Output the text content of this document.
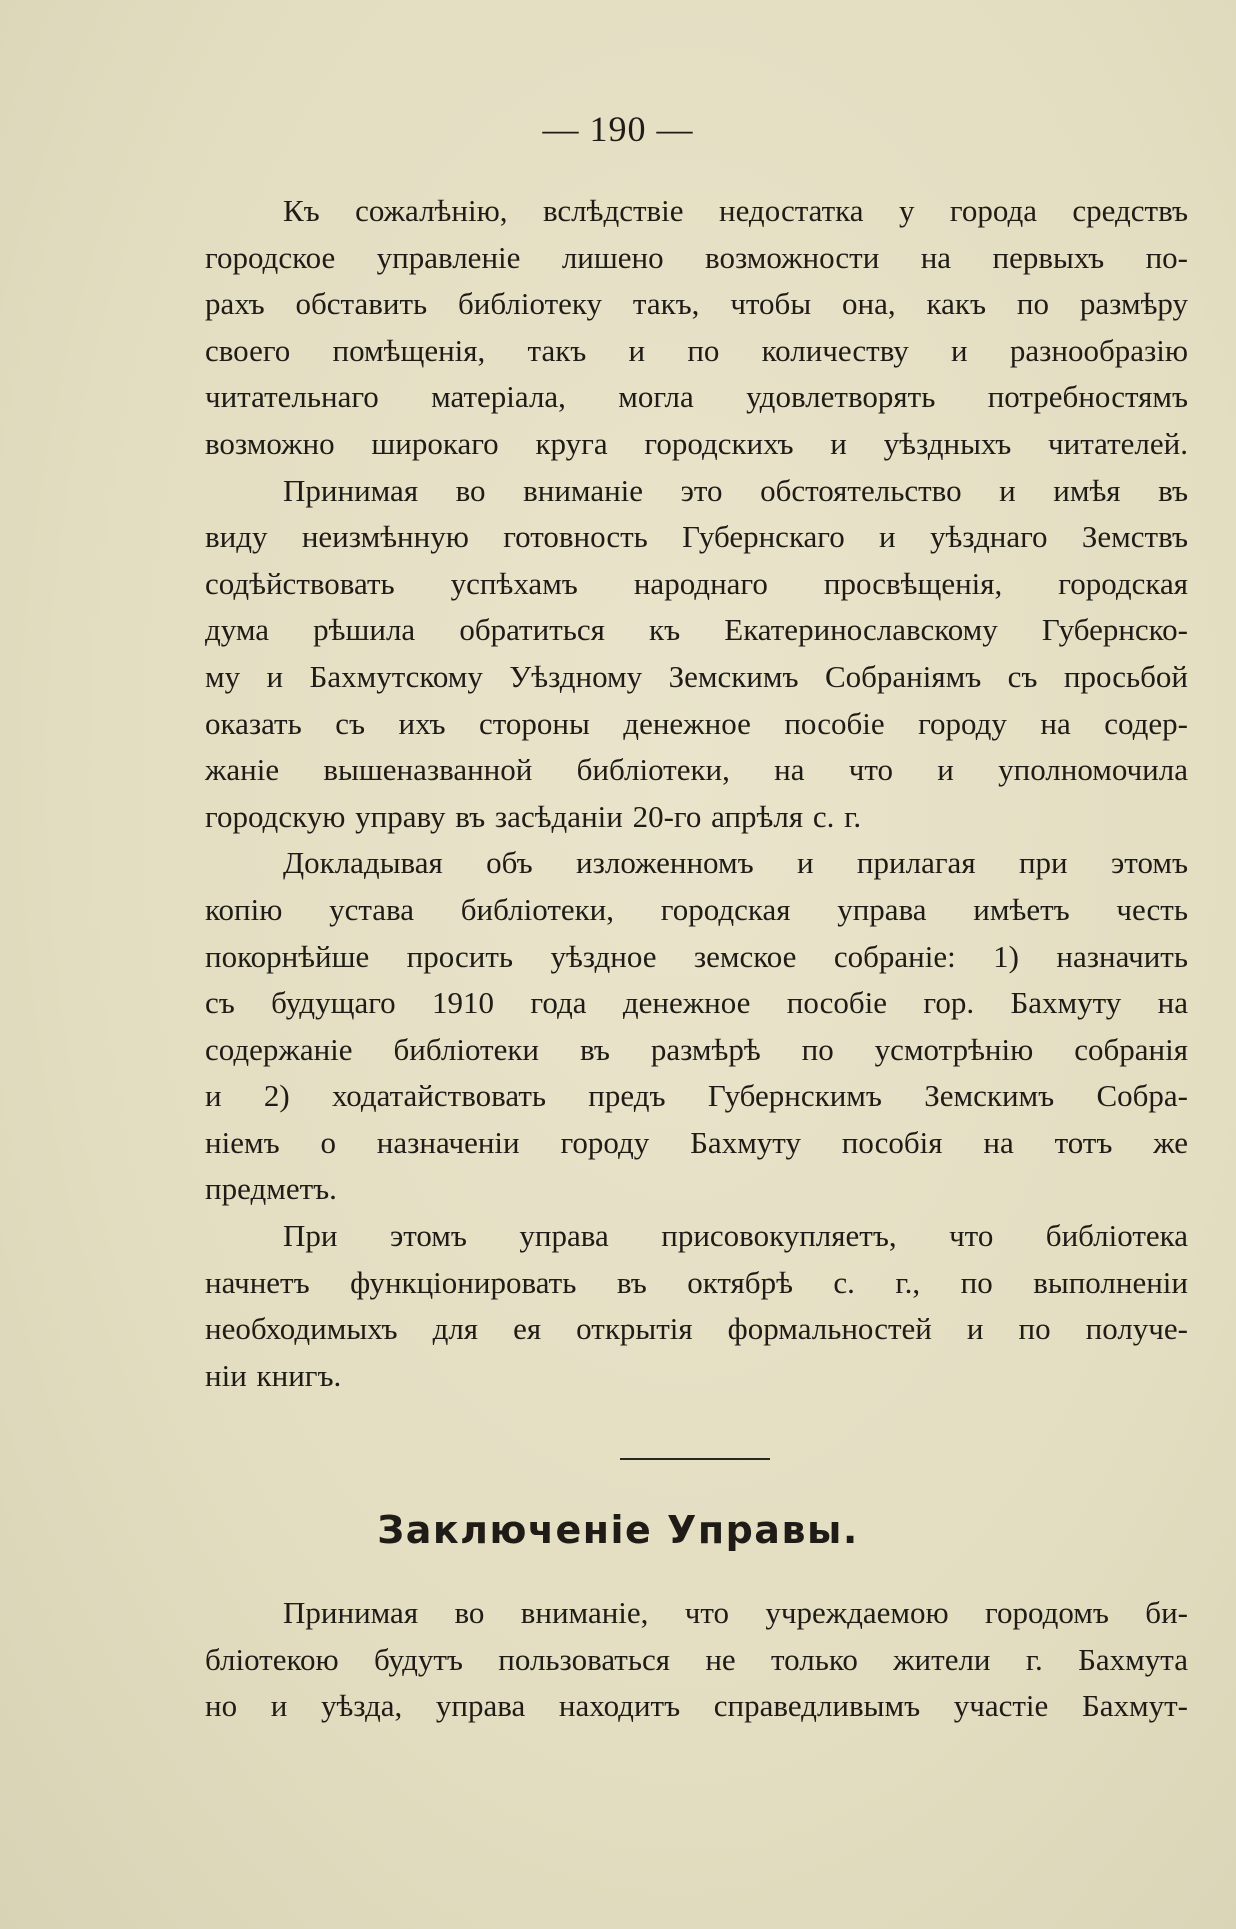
— 190 —
Къ сожалѣнію, вслѣдствіе недостатка у города средствъ
городское управленіе лишено возможности на первыхъ по-
рахъ обставить библіотеку такъ, чтобы она, какъ по размѣру
своего помѣщенія, такъ и по количеству и разнообразію
читательнаго матеріала, могла удовлетворять потребностямъ
возможно широкаго круга городскихъ и уѣздныхъ читателей.
Принимая во вниманіе это обстоятельство и имѣя въ
виду неизмѣнную готовность Губернскаго и уѣзднаго Земствъ
содѣйствовать успѣхамъ народнаго просвѣщенія, городская
дума рѣшила обратиться къ Екатеринославскому Губернско-
му и Бахмутскому Уѣздному Земскимъ Собраніямъ съ просьбой
оказать съ ихъ стороны денежное пособіе городу на содер-
жаніе вышеназванной библіотеки, на что и уполномочила
городскую управу въ засѣданіи 20-го апрѣля с. г.
Докладывая объ изложенномъ и прилагая при этомъ
копію устава библіотеки, городская управа имѣетъ честь
покорнѣйше просить уѣздное земское собраніе: 1) назначить
съ будущаго 1910 года денежное пособіе гор. Бахмуту на
содержаніе библіотеки въ размѣрѣ по усмотрѣнію собранія
и 2) ходатайствовать предъ Губернскимъ Земскимъ Собра-
ніемъ о назначеніи городу Бахмуту пособія на тотъ же
предметъ.
При этомъ управа присовокупляетъ, что библіотека
начнетъ функціонировать въ октябрѣ с. г., по выполненіи
необходимыхъ для ея открытія формальностей и по получе-
ніи книгъ.
Заключеніе Управы.
Принимая во вниманіе, что учреждаемою городомъ би-
бліотекою будутъ пользоваться не только жители г. Бахмута
но и уѣзда, управа находитъ справедливымъ участіе Бахмут-
